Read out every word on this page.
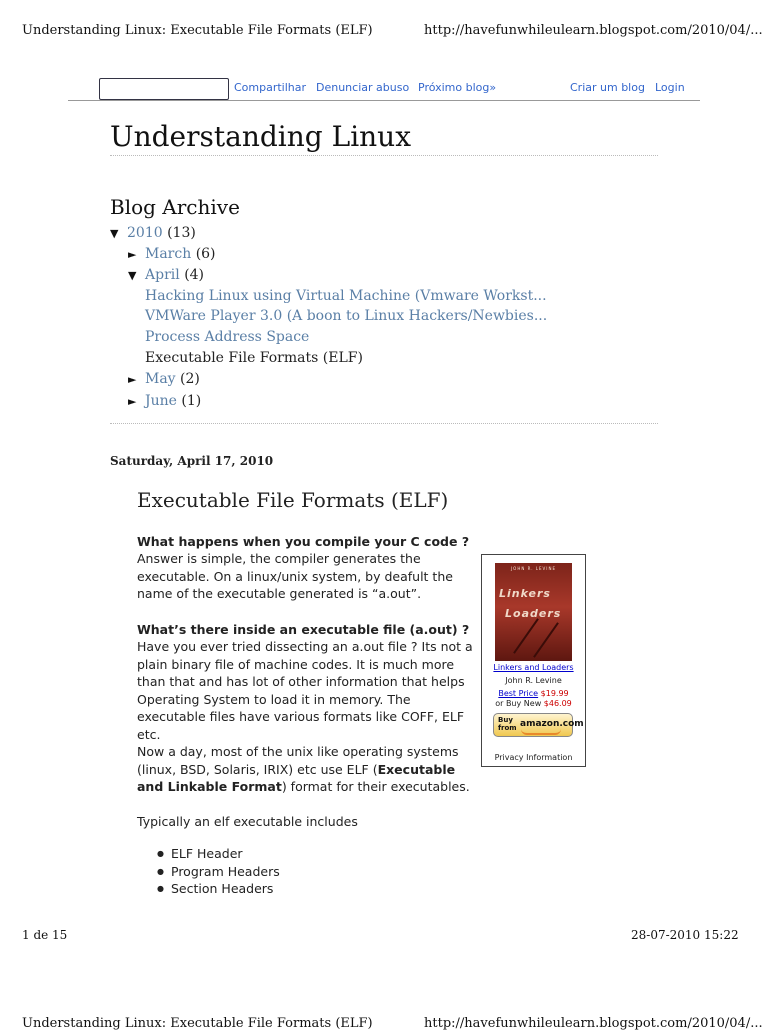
Understanding Linux: Executable File Formats (ELF)	http://havefunwhileulearn.blogspot.com/2010/04/...
Compartilhar Denunciar abuso Próximo blog»	Criar um blog Login
Understanding Linux
Blog Archive
▼ 2010 (13)
► March (6)
▼ April (4)
Hacking Linux using Virtual Machine (Vmware Workst...
VMWare Player 3.0 (A boon to Linux Hackers/Newbies...
Process Address Space
Executable File Formats (ELF)
► May (2)
► June (1)
Saturday, April 17, 2010
Executable File Formats (ELF)
What happens when you compile your C code ?
Answer is simple, the compiler generates the
executable. On a linux/unix system, by deafult the
name of the executable generated is “a.out”.
What’s there inside an executable file (a.out) ?
Have you ever tried dissecting an a.out file ? Its not a
plain binary file of machine codes. It is much more
than that and has lot of other information that helps
Operating System to load it in memory. The
executable files have various formats like COFF, ELF
etc.
Now a day, most of the unix like operating systems
(linux, BSD, Solaris, IRIX) etc use ELF (Executable
and Linkable Format) format for their executables.
Typically an elf executable includes
● ELF Header
● Program Headers
● Section Headers
JOHN R. LEVINE
Linkers
Loaders
Linkers and Loaders
John R. Levine
Best Price $19.99
or Buy New $46.09
Buy
from amazon.com
Privacy Information
1 de 15	28-07-2010 15:22
Understanding Linux: Executable File Formats (ELF)	http://havefunwhileulearn.blogspot.com/2010/04/...
